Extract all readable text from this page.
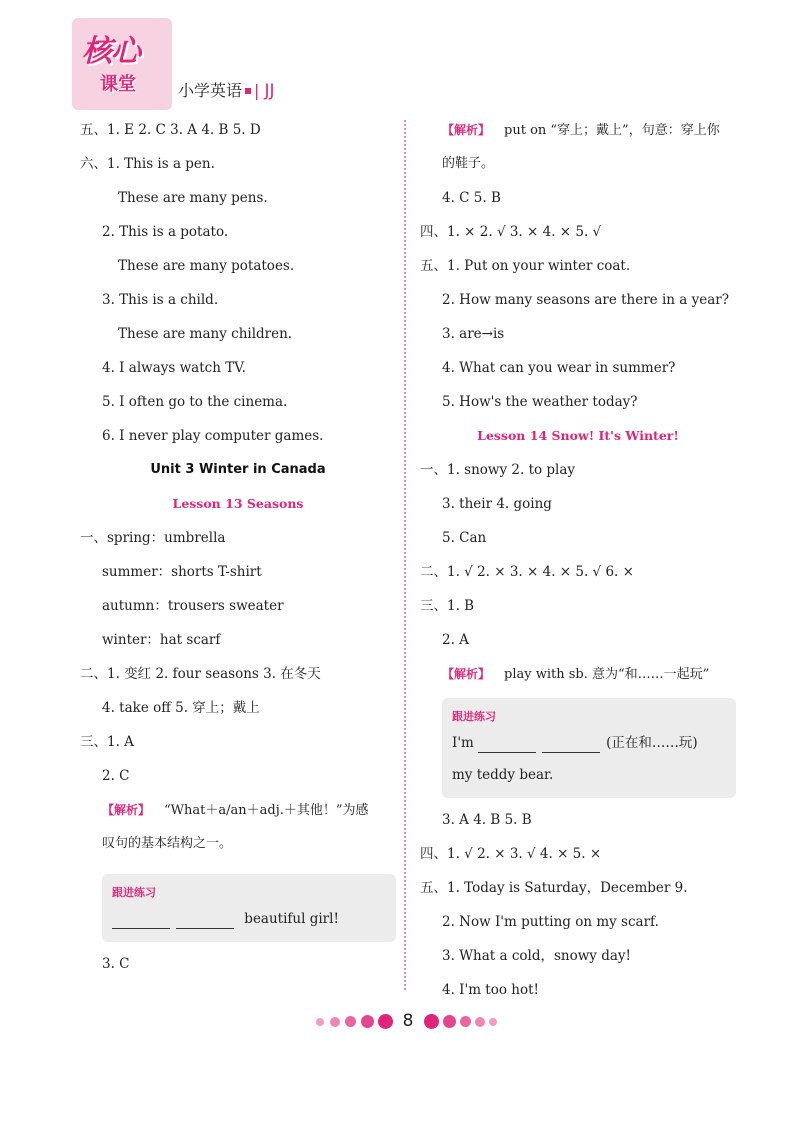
核心
课堂	小学英语 | JJ
五、1. E 2. C 3. A 4. B 5. D
六、1. This is a pen.
These are many pens.
2. This is a potato.
These are many potatoes.
3. This is a child.
These are many children.
4. I always watch TV.
5. I often go to the cinema.
6. I never play computer games.
Unit 3 Winter in Canada
Lesson 13 Seasons
一、spring：umbrella
summer：shorts T-shirt
autumn：trousers sweater
winter：hat scarf
二、1. 变红 2. four seasons 3. 在冬天
4. take off 5. 穿上；戴上
三、1. A
2. C
【解析】 “What＋a/an＋adj.＋其他！”为感
叹句的基本结构之一。
跟进练习
beautiful girl!
3. C
【解析】 put on “穿上；戴上”，句意：穿上你
的鞋子。
4. C 5. B
四、1. × 2. √ 3. × 4. × 5. √
五、1. Put on your winter coat.
2. How many seasons are there in a year?
3. are→is
4. What can you wear in summer?
5. How's the weather today?
Lesson 14 Snow! It's Winter!
一、1. snowy 2. to play
3. their 4. going
5. Can
二、1. √ 2. × 3. × 4. × 5. √ 6. ×
三、1. B
2. A
【解析】 play with sb. 意为“和……一起玩”
跟进练习
I'm	(正在和……玩)
my teddy bear.
3. A 4. B 5. B
四、1. √ 2. × 3. √ 4. × 5. ×
五、1. Today is Saturday，December 9.
2. Now I'm putting on my scarf.
3. What a cold，snowy day!
4. I'm too hot!
8
